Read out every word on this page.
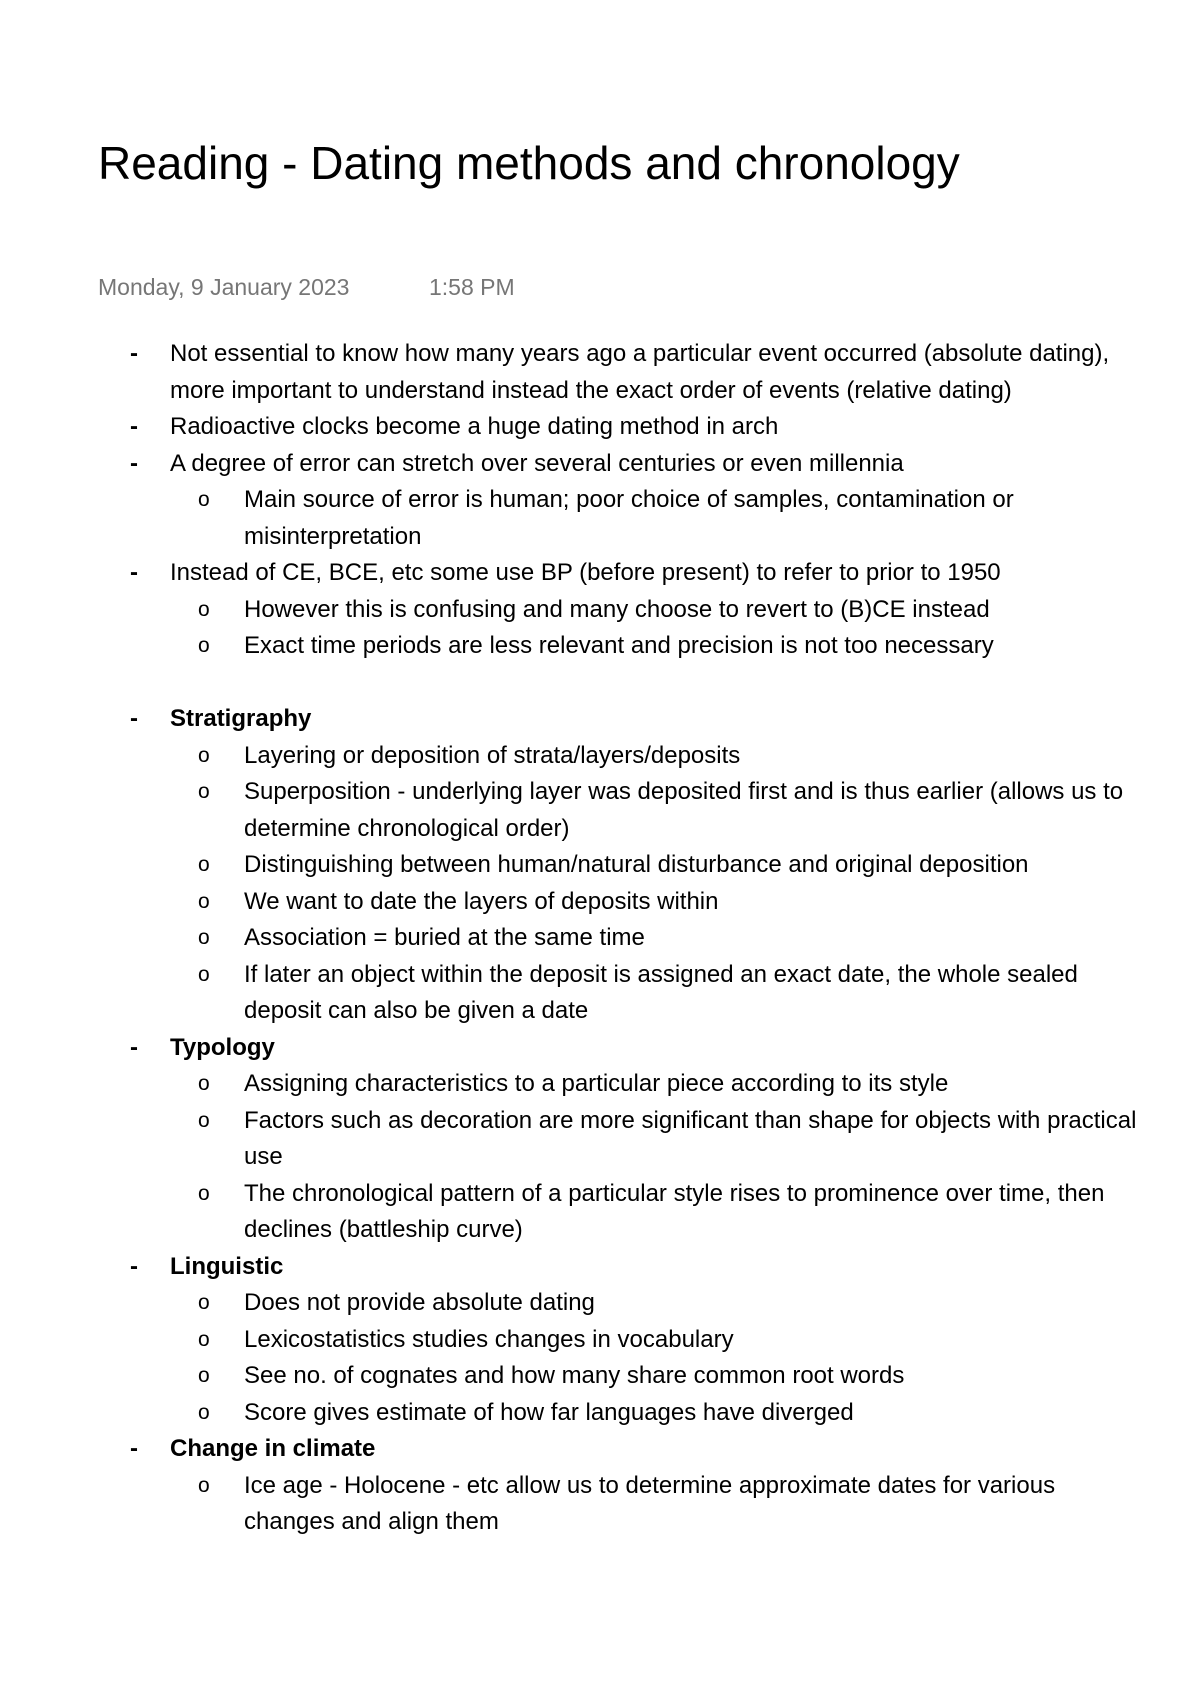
Reading - Dating methods and chronology
Monday, 9 January 2023	1:58 PM
- Not essential to know how many years ago a particular event occurred (absolute dating), more important to understand instead the exact order of events (relative dating)
- Radioactive clocks become a huge dating method in arch
- A degree of error can stretch over several centuries or even millennia
o Main source of error is human; poor choice of samples, contamination or misinterpretation
- Instead of CE, BCE, etc some use BP (before present) to refer to prior to 1950
o However this is confusing and many choose to revert to (B)CE instead
o Exact time periods are less relevant and precision is not too necessary
- Stratigraphy
o Layering or deposition of strata/layers/deposits
o Superposition - underlying layer was deposited first and is thus earlier (allows us to determine chronological order)
o Distinguishing between human/natural disturbance and original deposition
o We want to date the layers of deposits within
o Association = buried at the same time
o If later an object within the deposit is assigned an exact date, the whole sealed deposit can also be given a date
- Typology
o Assigning characteristics to a particular piece according to its style
o Factors such as decoration are more significant than shape for objects with practical use
o The chronological pattern of a particular style rises to prominence over time, then declines (battleship curve)
- Linguistic
o Does not provide absolute dating
o Lexicostatistics studies changes in vocabulary
o See no. of cognates and how many share common root words
o Score gives estimate of how far languages have diverged
- Change in climate
o Ice age - Holocene - etc allow us to determine approximate dates for various changes and align them
